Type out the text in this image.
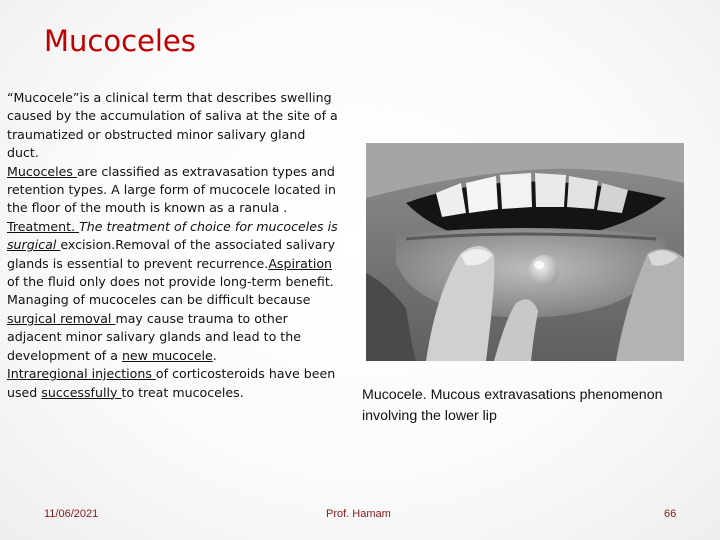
Mucoceles

“Mucocele”is a clinical term that describes swelling caused by the accumulation of saliva at the site of a traumatized or obstructed minor salivary gland duct.
Mucoceles are classified as extravasation types and retention types. A large form of mucocele located in the floor of the mouth is known as a ranula .
Treatment. The treatment of choice for mucoceles is surgical excision.Removal of the associated salivary glands is essential to prevent recurrence.Aspiration of the fluid only does not provide long-term benefit.
Managing of mucoceles can be difficult because surgical removal may cause trauma to other adjacent minor salivary glands and lead to the development of a new mucocele.
Intraregional injections of corticosteroids have been used successfully to treat mucoceles.	Mucocele. Mucous extravasations phenomenon involving the lower lip

11/06/2021	Prof. Hamam	66
